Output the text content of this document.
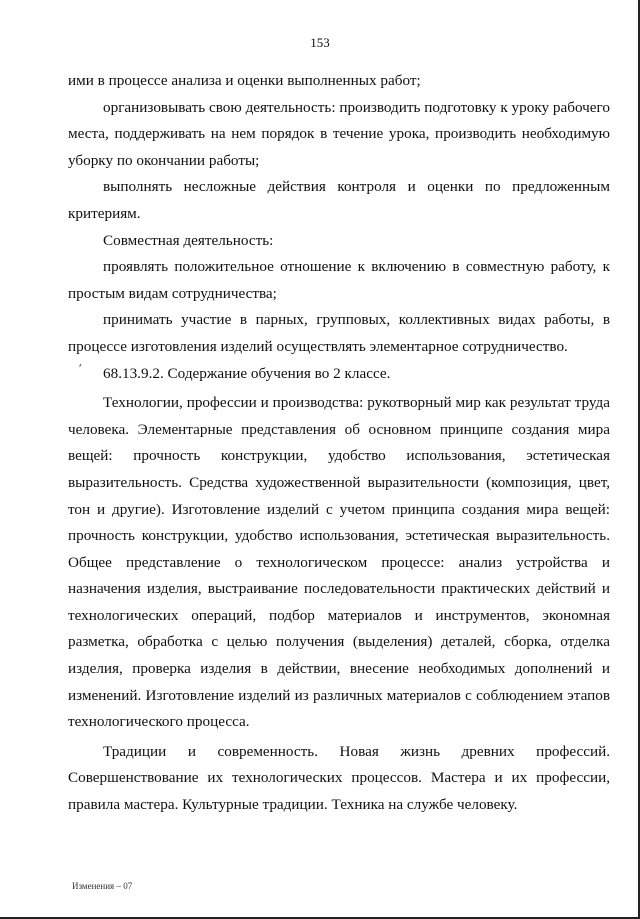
153

ими в процессе анализа и оценки выполненных работ;

организовывать свою деятельность: производить подготовку к уроку рабочего места, поддерживать на нем порядок в течение урока, производить необходимую уборку по окончании работы;

выполнять несложные действия контроля и оценки по предложенным критериям.

Совместная деятельность:

проявлять положительное отношение к включению в совместную работу, к простым видам сотрудничества;

принимать участие в парных, групповых, коллективных видах работы, в процессе изготовления изделий осуществлять элементарное сотрудничество.

68.13.9.2. Содержание обучения во 2 классе.

Технологии, профессии и производства: рукотворный мир как результат труда человека. Элементарные представления об основном принципе создания мира вещей: прочность конструкции, удобство использования, эстетическая выразительность. Средства художественной выразительности (композиция, цвет, тон и другие). Изготовление изделий с учетом принципа создания мира вещей: прочность конструкции, удобство использования, эстетическая выразительность. Общее представление о технологическом процессе: анализ устройства и назначения изделия, выстраивание последовательности практических действий и технологических операций, подбор материалов и инструментов, экономная разметка, обработка с целью получения (выделения) деталей, сборка, отделка изделия, проверка изделия в действии, внесение необходимых дополнений и изменений. Изготовление изделий из различных материалов с соблюдением этапов технологического процесса.

Традиции и современность. Новая жизнь древних профессий. Совершенствование их технологических процессов. Мастера и их профессии, правила мастера. Культурные традиции. Техника на службе человеку.

ʹ
Изменения – 07
